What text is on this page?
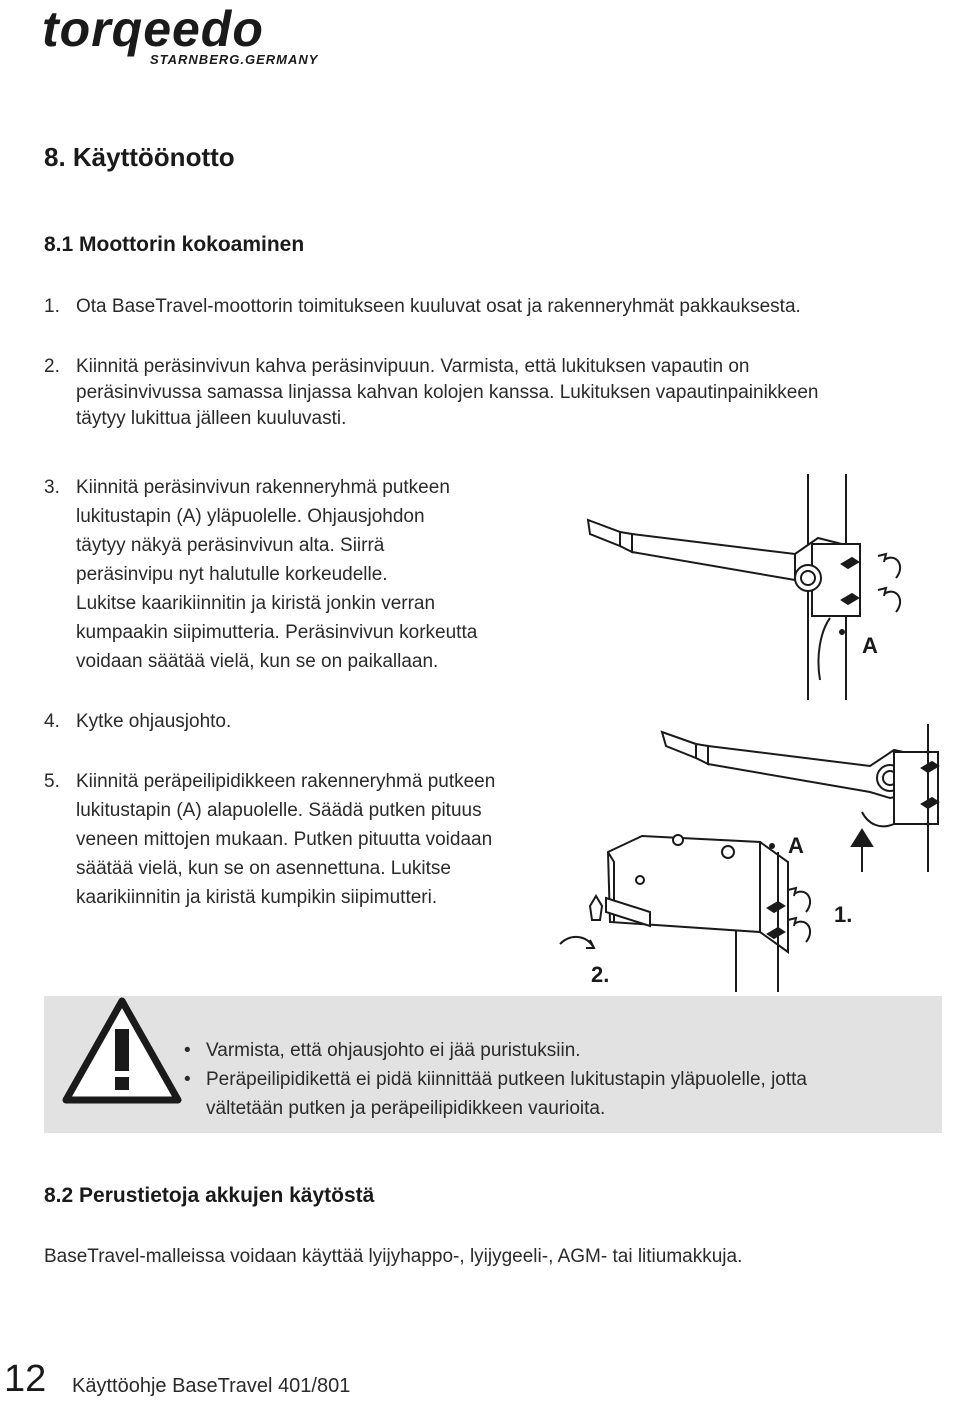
torqeedo
STARNBERG.GERMANY
8. Käyttöönotto
8.1 Moottorin kokoaminen
1. Ota BaseTravel-moottorin toimitukseen kuuluvat osat ja rakenneryhmät pakkauksesta.
2. Kiinnitä peräsinvivun kahva peräsinvipuun. Varmista, että lukituksen vapautin on
peräsinvivussa samassa linjassa kahvan kolojen kanssa. Lukituksen vapautinpainikkeen
täytyy lukittua jälleen kuuluvasti.
3. Kiinnitä peräsinvivun rakenneryhmä putkeen
lukitustapin (A) yläpuolelle. Ohjausjohdon
täytyy näkyä peräsinvivun alta. Siirrä
peräsinvipu nyt halutulle korkeudelle.
Lukitse kaarikiinnitin ja kiristä jonkin verran
kumpaakin siipimutteria. Peräsinvivun korkeutta
voidaan säätää vielä, kun se on paikallaan.
4. Kytke ohjausjohto.
5. Kiinnitä peräpeilipidikkeen rakenneryhmä putkeen
lukitustapin (A) alapuolelle. Säädä putken pituus
veneen mittojen mukaan. Putken pituutta voidaan
säätää vielä, kun se on asennettuna. Lukitse
kaarikiinnitin ja kiristä kumpikin siipimutteri.
A
A
1.
2.
• Varmista, että ohjausjohto ei jää puristuksiin.
• Peräpeilipidikettä ei pidä kiinnittää putkeen lukitustapin yläpuolelle, jotta
vältetään putken ja peräpeilipidikkeen vaurioita.
8.2 Perustietoja akkujen käytöstä
BaseTravel-malleissa voidaan käyttää lyijyhappo-, lyijygeeli-, AGM- tai litiumakkuja.
12 Käyttöohje BaseTravel 401/801
